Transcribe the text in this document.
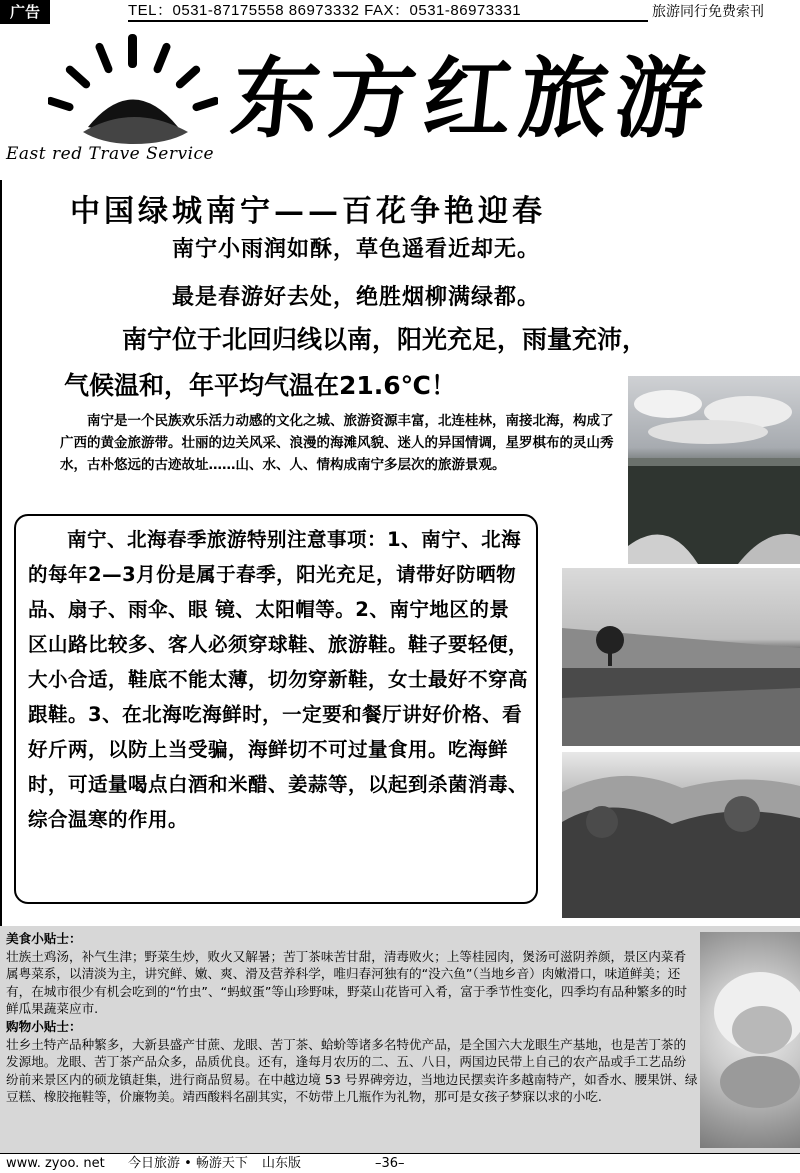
广告	TEL：0531-87175558 86973332 FAX：0531-86973331	旅游同行免费索刊
East red Trave Service
东方红旅游
中国绿城南宁——百花争艳迎春
南宁小雨润如酥，草色遥看近却无。
最是春游好去处，绝胜烟柳满绿都。
南宁位于北回归线以南，阳光充足，雨量充沛，
气候温和，年平均气温在21.6℃！

南宁是一个民族欢乐活力动感的文化之城、旅游资源丰富，北连桂林，南接北海，构成了广西的黄金旅游带。壮丽的边关风采、浪漫的海滩风貌、迷人的异国情调，星罗棋布的灵山秀水，古朴悠远的古迹故址……山、水、人、情构成南宁多层次的旅游景观。

南宁、北海春季旅游特别注意事项：1、南宁、北海的每年2—3月份是属于春季，阳光充足，请带好防晒物品、扇子、雨伞、眼 镜、太阳帽等。2、南宁地区的景区山路比较多、客人必须穿球鞋、旅游鞋。鞋子要轻便，大小合适，鞋底不能太薄，切勿穿新鞋，女士最好不穿高跟鞋。3、在北海吃海鲜时，一定要和餐厅讲好价格、看好斤两，以防上当受骗，海鲜切不可过量食用。吃海鲜时，可适量喝点白酒和米醋、姜蒜等，以起到杀菌消毒、综合温寒的作用。

美食小贴士：
壮族土鸡汤，补气生津；野菜生炒，败火又解暑；苦丁茶味苦甘甜，清毒败火；上等桂园肉，煲汤可滋阴养颜，景区内菜肴属粤菜系，以清淡为主，讲究鲜、嫩、爽、滑及营养科学，唯归春河独有的“没六鱼”（当地乡音）肉嫩滑口，味道鲜美；还有，在城市很少有机会吃到的“竹虫”、“蚂蚁蛋”等山珍野味，野菜山花皆可入肴，富于季节性变化，四季均有品种繁多的时鲜瓜果蔬菜应市.
购物小贴士：
壮乡土特产品种繁多，大新县盛产甘蔗、龙眼、苦丁茶、蛤蚧等诸多名特优产品，是全国六大龙眼生产基地，也是苦丁茶的发源地。龙眼、苦丁茶产品众多，品质优良。还有，逢每月农历的二、五、八日，两国边民带上自己的农产品或手工艺品纷纷前来景区内的硕龙镇赶集，进行商品贸易。在中越边境 53 号界碑旁边，当地边民摆卖许多越南特产，如香水、腰果饼、绿豆糕、橡胶拖鞋等，价廉物美。靖西酸料名副其实，不妨带上几瓶作为礼物，那可是女孩子梦寐以求的小吃.
www. zyoo. net 今日旅游 • 畅游天下 山东版	–36–
